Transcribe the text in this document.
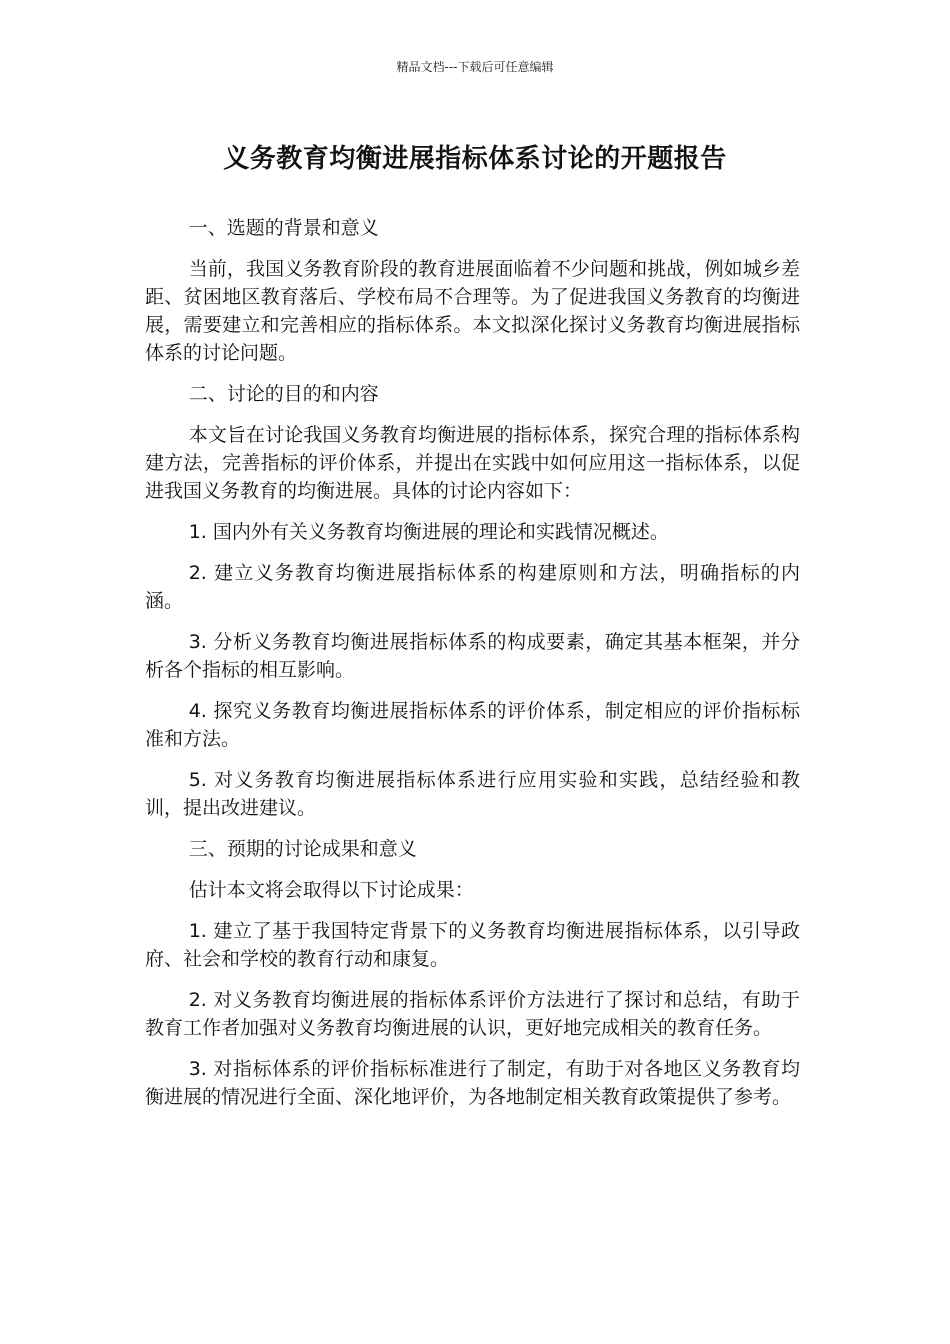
精品文档---下载后可任意编辑
义务教育均衡进展指标体系讨论的开题报告

一、选题的背景和意义

当前，我国义务教育阶段的教育进展面临着不少问题和挑战，例如城乡差距、贫困地区教育落后、学校布局不合理等。为了促进我国义务教育的均衡进展，需要建立和完善相应的指标体系。本文拟深化探讨义务教育均衡进展指标体系的讨论问题。

二、讨论的目的和内容

本文旨在讨论我国义务教育均衡进展的指标体系，探究合理的指标体系构建方法，完善指标的评价体系，并提出在实践中如何应用这一指标体系，以促进我国义务教育的均衡进展。具体的讨论内容如下：

1. 国内外有关义务教育均衡进展的理论和实践情况概述。

2. 建立义务教育均衡进展指标体系的构建原则和方法，明确指标的内涵。

3. 分析义务教育均衡进展指标体系的构成要素，确定其基本框架，并分析各个指标的相互影响。

4. 探究义务教育均衡进展指标体系的评价体系，制定相应的评价指标标准和方法。

5. 对义务教育均衡进展指标体系进行应用实验和实践，总结经验和教训，提出改进建议。

三、预期的讨论成果和意义

估计本文将会取得以下讨论成果：

1. 建立了基于我国特定背景下的义务教育均衡进展指标体系，以引导政府、社会和学校的教育行动和康复。

2. 对义务教育均衡进展的指标体系评价方法进行了探讨和总结，有助于教育工作者加强对义务教育均衡进展的认识，更好地完成相关的教育任务。

3. 对指标体系的评价指标标准进行了制定，有助于对各地区义务教育均衡进展的情况进行全面、深化地评价，为各地制定相关教育政策提供了参考。
